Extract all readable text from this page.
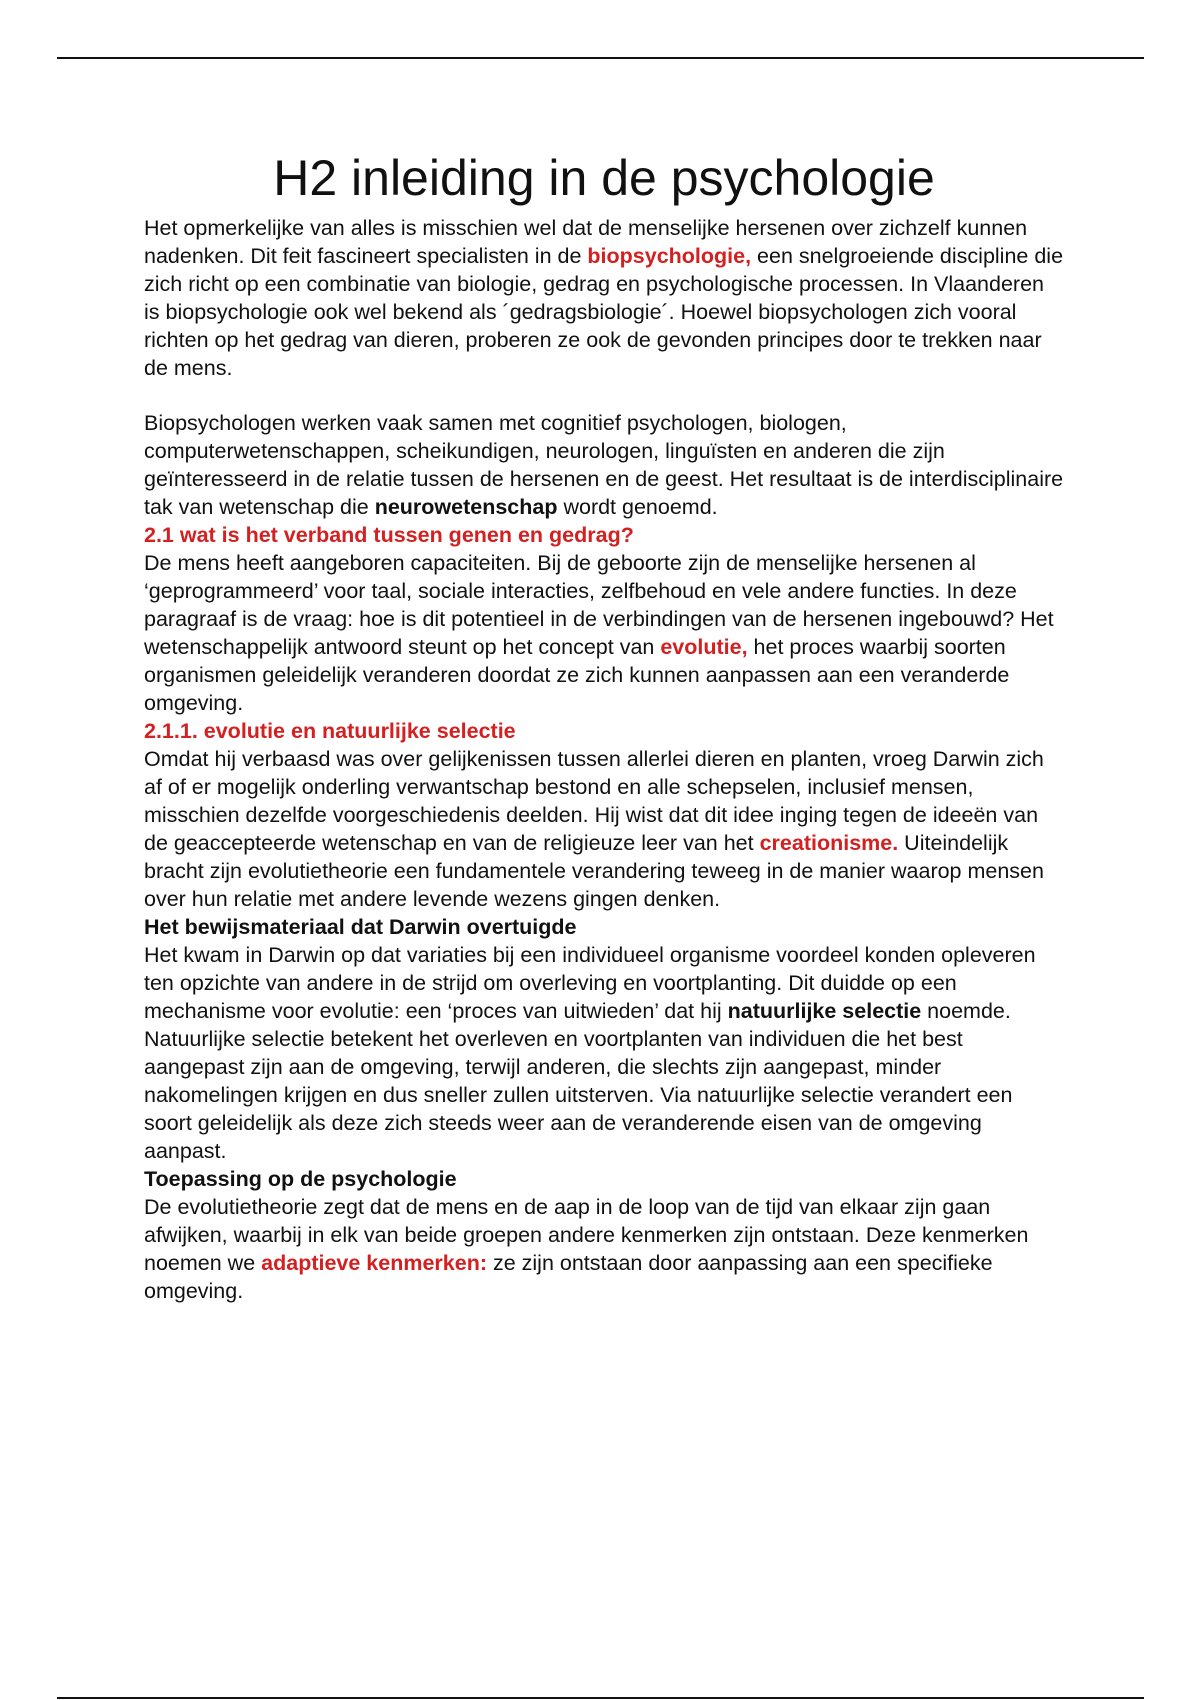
H2 inleiding in de psychologie

Het opmerkelijke van alles is misschien wel dat de menselijke hersenen over zichzelf kunnen nadenken. Dit feit fascineert specialisten in de biopsychologie, een snelgroeiende discipline die zich richt op een combinatie van biologie, gedrag en psychologische processen. In Vlaanderen is biopsychologie ook wel bekend als ´gedragsbiologie´. Hoewel biopsychologen zich vooral richten op het gedrag van dieren, proberen ze ook de gevonden principes door te trekken naar de mens.

Biopsychologen werken vaak samen met cognitief psychologen, biologen, computerwetenschappen, scheikundigen, neurologen, linguïsten en anderen die zijn geïnteresseerd in de relatie tussen de hersenen en de geest. Het resultaat is de interdisciplinaire tak van wetenschap die neurowetenschap wordt genoemd.

2.1 wat is het verband tussen genen en gedrag?

De mens heeft aangeboren capaciteiten. Bij de geboorte zijn de menselijke hersenen al ‘geprogrammeerd’ voor taal, sociale interacties, zelfbehoud en vele andere functies. In deze paragraaf is de vraag: hoe is dit potentieel in de verbindingen van de hersenen ingebouwd? Het wetenschappelijk antwoord steunt op het concept van evolutie, het proces waarbij soorten organismen geleidelijk veranderen doordat ze zich kunnen aanpassen aan een veranderde omgeving.

2.1.1. evolutie en natuurlijke selectie

Omdat hij verbaasd was over gelijkenissen tussen allerlei dieren en planten, vroeg Darwin zich af of er mogelijk onderling verwantschap bestond en alle schepselen, inclusief mensen, misschien dezelfde voorgeschiedenis deelden. Hij wist dat dit idee inging tegen de ideeën van de geaccepteerde wetenschap en van de religieuze leer van het creationisme. Uiteindelijk bracht zijn evolutietheorie een fundamentele verandering teweeg in de manier waarop mensen over hun relatie met andere levende wezens gingen denken.

Het bewijsmateriaal dat Darwin overtuigde

Het kwam in Darwin op dat variaties bij een individueel organisme voordeel konden opleveren ten opzichte van andere in de strijd om overleving en voortplanting. Dit duidde op een mechanisme voor evolutie: een ‘proces van uitwieden’ dat hij natuurlijke selectie noemde. Natuurlijke selectie betekent het overleven en voortplanten van individuen die het best aangepast zijn aan de omgeving, terwijl anderen, die slechts zijn aangepast, minder nakomelingen krijgen en dus sneller zullen uitsterven. Via natuurlijke selectie verandert een soort geleidelijk als deze zich steeds weer aan de veranderende eisen van de omgeving aanpast.

Toepassing op de psychologie

De evolutietheorie zegt dat de mens en de aap in de loop van de tijd van elkaar zijn gaan afwijken, waarbij in elk van beide groepen andere kenmerken zijn ontstaan. Deze kenmerken noemen we adaptieve kenmerken: ze zijn ontstaan door aanpassing aan een specifieke omgeving.
